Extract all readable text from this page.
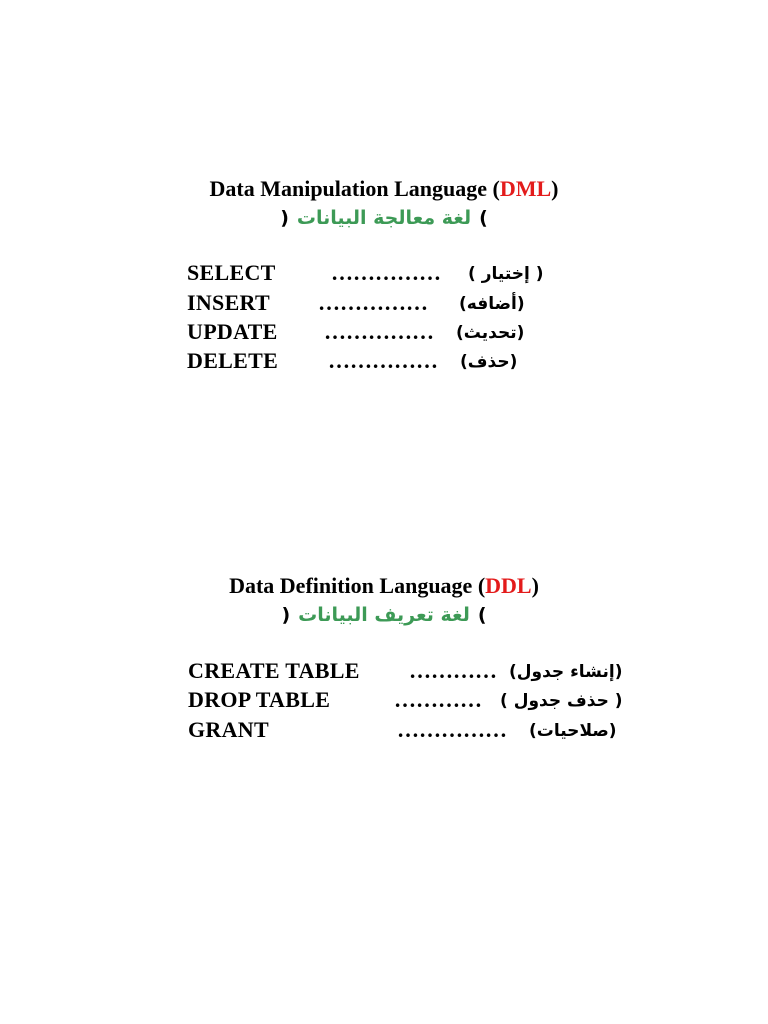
Data Manipulation Language (DML)
) لغة معالجة البيانات (
SELECT	…………… ( إختيار )
INSERT …………… (أضافه)
UPDATE …………… (تحديث)
DELETE …………… (حذف)
Data Definition Language (DDL)
) لغة تعريف البيانات (
CREATE TABLE ………… (إنشاء جدول)
DROP TABLE	………… ( حذف جدول )
GRANT	…………… (صلاحيات)
